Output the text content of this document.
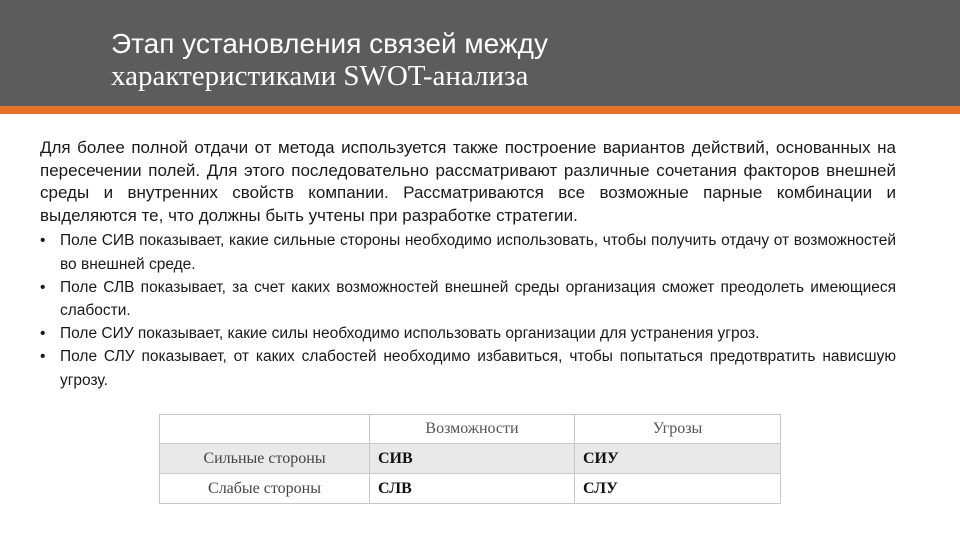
Этап установления связей между
характеристиками SWOT-анализа

Для более полной отдачи от метода используется также построение вариантов действий, основанных на пересечении полей. Для этого последовательно рассматривают различные сочетания факторов внешней среды и внутренних свойств компании. Рассматриваются все возможные парные комбинации и выделяются те, что должны быть учтены при разработке стратегии.

• Поле СИВ показывает, какие сильные стороны необходимо использовать, чтобы получить отдачу от возможностей во внешней среде.
• Поле СЛВ показывает, за счет каких возможностей внешней среды организация сможет преодолеть имеющиеся слабости.
• Поле СИУ показывает, какие силы необходимо использовать организации для устранения угроз.
• Поле СЛУ показывает, от каких слабостей необходимо избавиться, чтобы попытаться предотвратить нависшую угрозу.
	Возможности	Угрозы
Сильные стороны	СИВ	СИУ
Слабые стороны	СЛВ	СЛУ
